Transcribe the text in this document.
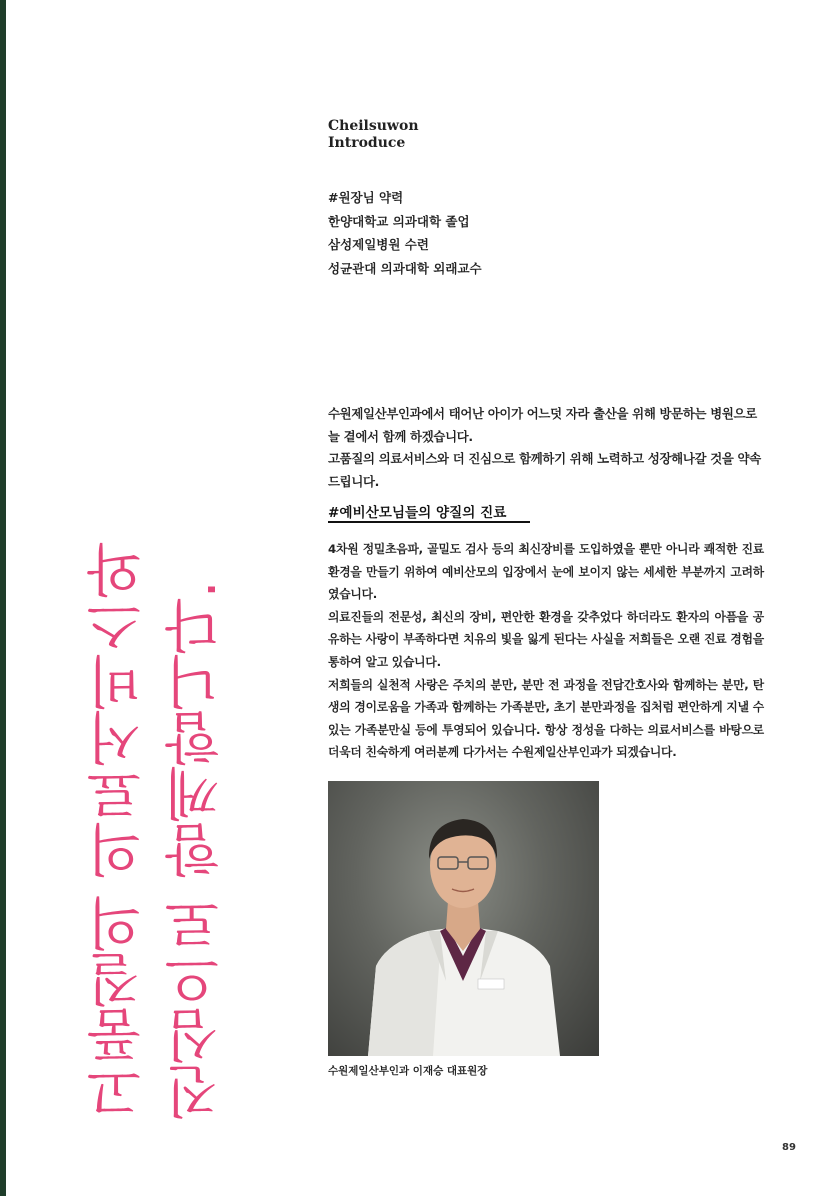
Cheilsuwon
Introduce
#원장님 약력
한양대학교 의과대학 졸업
삼성제일병원 수련
성균관대 의과대학 외래교수

수원제일산부인과에서 태어난 아이가 어느덧 자라 출산을 위해 방문하는 병원으로 늘 곁에서 함께 하겠습니다.

고품질의 의료서비스와 더 진심으로 함께하기 위해 노력하고 성장해나갈 것을 약속드립니다.

#예비산모님들의 양질의 진료

4차원 정밀초음파, 골밀도 검사 등의 최신장비를 도입하였을 뿐만 아니라 쾌적한 진료환경을 만들기 위하여 예비산모의 입장에서 눈에 보이지 않는 세세한 부분까지 고려하였습니다.

의료진들의 전문성, 최신의 장비, 편안한 환경을 갖추었다 하더라도 환자의 아픔을 공유하는 사랑이 부족하다면 치유의 빛을 잃게 된다는 사실을 저희들은 오랜 진료 경험을 통하여 알고 있습니다.

저희들의 실천적 사랑은 주치의 분만, 분만 전 과정을 전담간호사와 함께하는 분만, 탄생의 경이로움을 가족과 함께하는 가족분만, 초기 분만과정을 집처럼 편안하게 지낼 수 있는 가족분만실 등에 투영되어 있습니다. 항상 정성을 다하는 의료서비스를 바탕으로 더욱더 친숙하게 여러분께 다가서는 수원제일산부인과가 되겠습니다.

수원제일산부인과 이재승 대표원장
고품질의 의료서비스와 진심으로 함께합니다.
89
